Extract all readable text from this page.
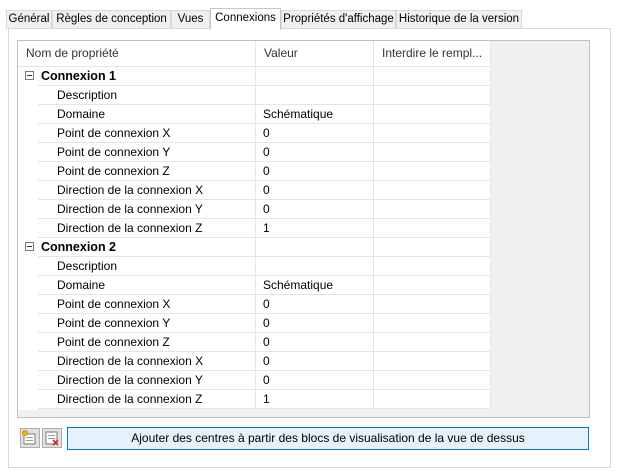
Général Règles de conception Vues	Connexions Propriétés d'affichage Historique de la version
Nom de propriété	Valeur	Interdire le rempl...
Connexion 1
Description
Domaine	Schématique
Point de connexion X	0
Point de connexion Y	0
Point de connexion Z	0
Direction de la connexion X	0
Direction de la connexion Y	0
Direction de la connexion Z	1
Connexion 2
Description
Domaine	Schématique
Point de connexion X	0
Point de connexion Y	0
Point de connexion Z	0
Direction de la connexion X	0
Direction de la connexion Y	0
Direction de la connexion Z	1
Ajouter des centres à partir des blocs de visualisation de la vue de dessus
